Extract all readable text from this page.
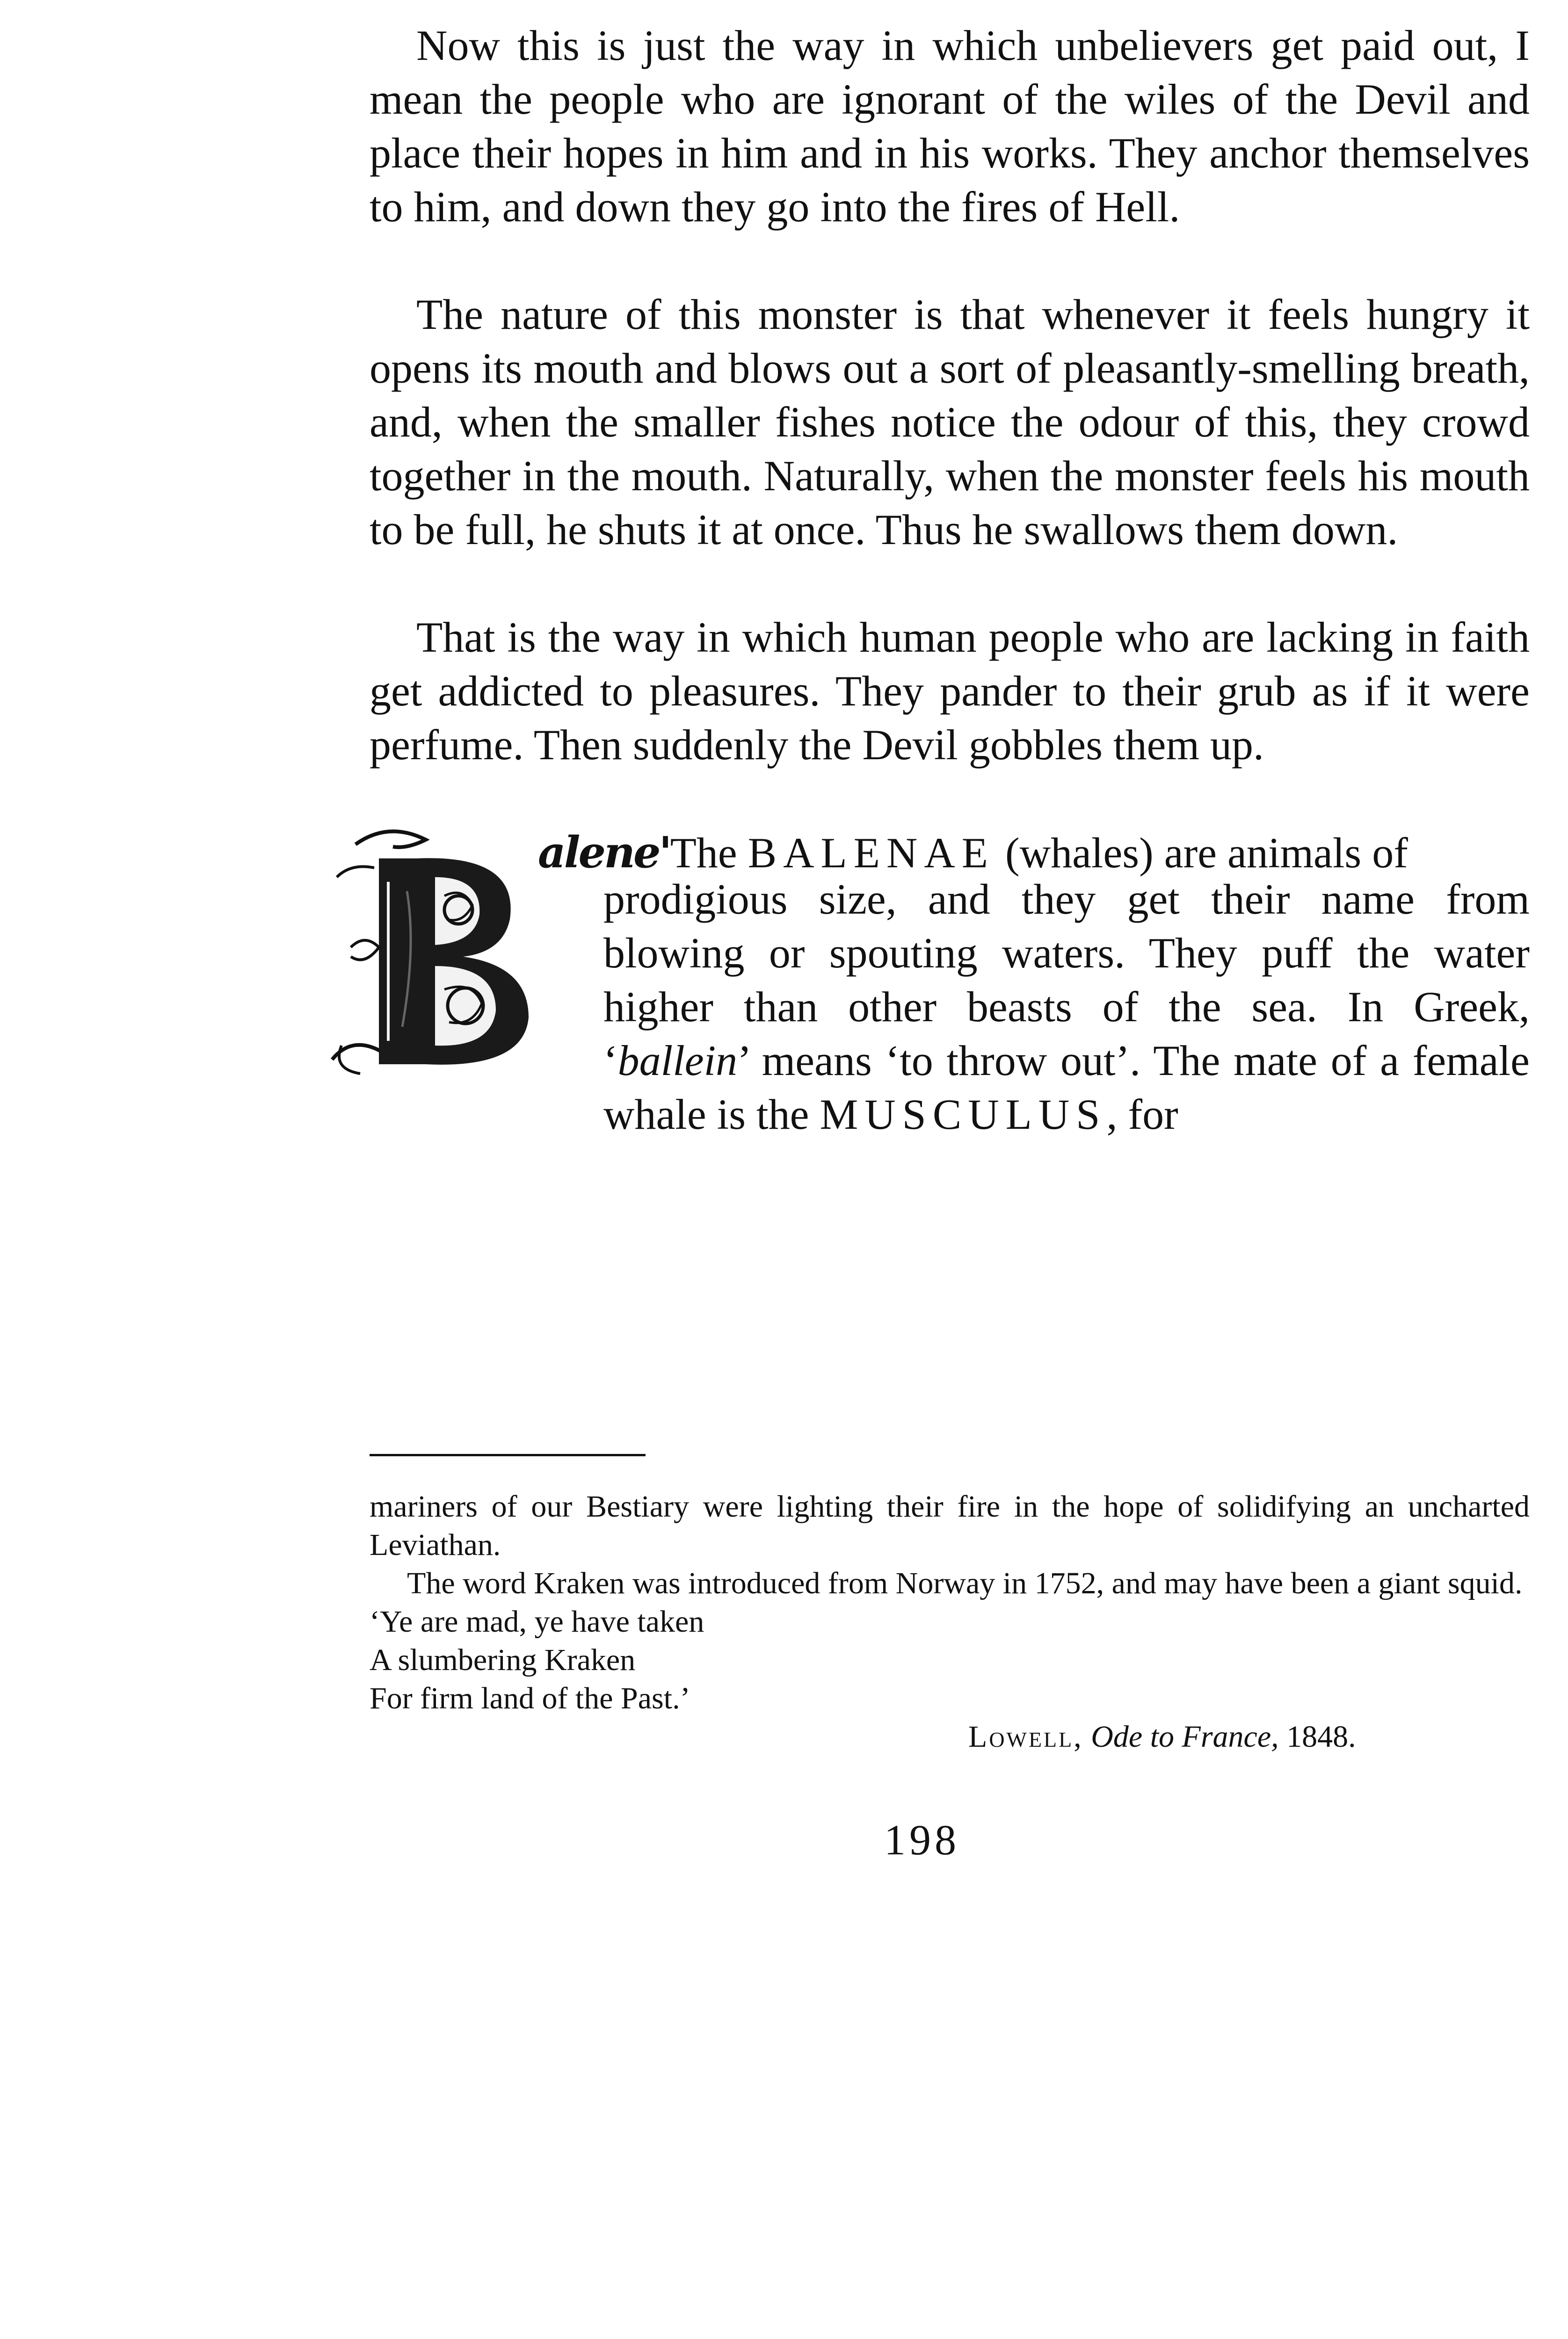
Now this is just the way in which unbelievers get paid out, I mean the people who are ignorant of the wiles of the Devil and place their hopes in him and in his works. They anchor themselves to him, and down they go into the fires of Hell.

The nature of this monster is that whenever it feels hungry it opens its mouth and blows out a sort of pleasantly-smelling breath, and, when the smaller fishes notice the odour of this, they crowd together in the mouth. Naturally, when the monster feels his mouth to be full, he shuts it at once. Thus he swallows them down.

That is the way in which human people who are lacking in faith get addicted to pleasures. They pander to their grub as if it were perfume. Then suddenly the Devil gobbles them up.

alene'The BALENAE (whales) are animals of

prodigious size, and they get their name from blowing or spouting waters. They puff the water higher than other beasts of the sea. In Greek, ‘ballein’ means ‘to throw out’. The mate of a female whale is the MUSCULUS, for

mariners of our Bestiary were lighting their fire in the hope of solidifying an uncharted Leviathan.

The word Kraken was introduced from Norway in 1752, and may have been a giant squid.

‘Ye are mad, ye have taken
A slumbering Kraken
For firm land of the Past.’

Lowell, Ode to France, 1848.

198
